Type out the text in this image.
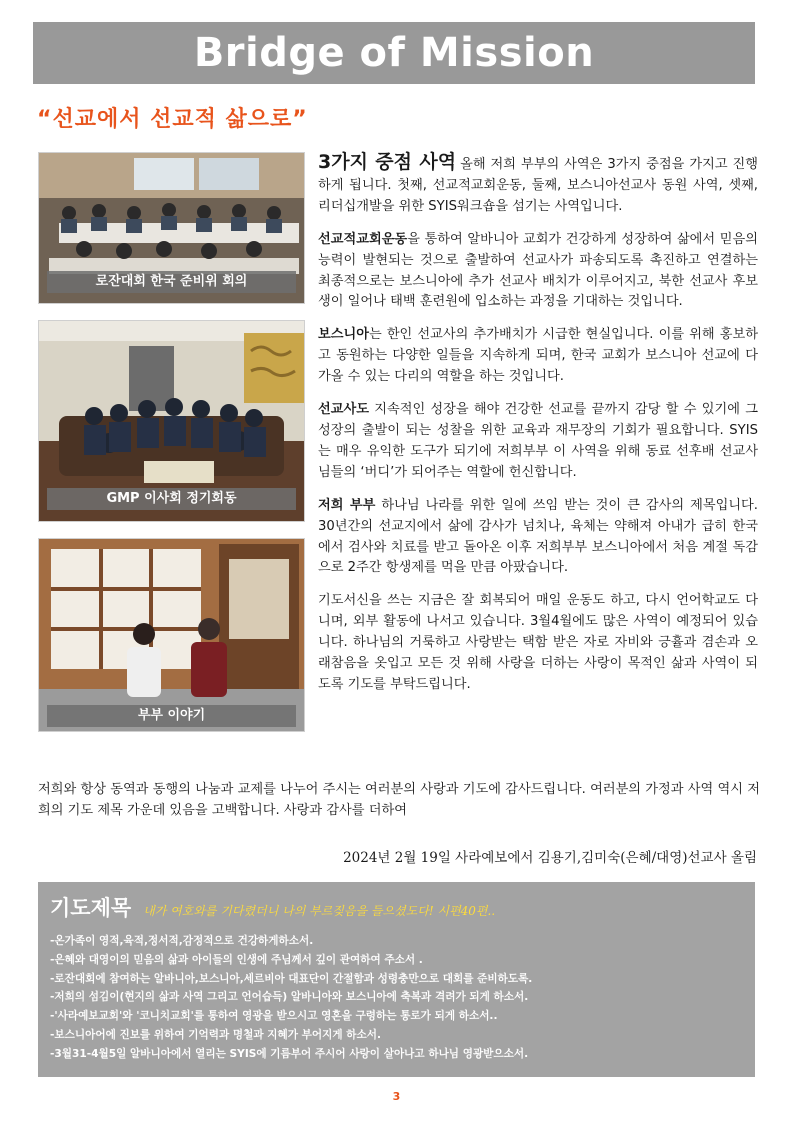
Bridge of Mission
“선교에서 선교적 삶으로”
로잔대회 한국 준비위 회의
GMP 이사회 정기회동
부부 이야기

3가지 중점 사역 올해 저희 부부의 사역은 3가지 중점을 가지고 진행하게 됩니다. 첫째, 선교적교회운동, 둘째, 보스니아선교사 동원 사역, 셋째, 리더십개발을 위한 SYIS워크숍을 섬기는 사역입니다.

선교적교회운동을 통하여 알바니아 교회가 건강하게 성장하여 삶에서 믿음의 능력이 발현되는 것으로 출발하여 선교사가 파송되도록 촉진하고 연결하는 최종적으로는 보스니아에 추가 선교사 배치가 이루어지고, 북한 선교사 후보생이 일어나 태백 훈련원에 입소하는 과정을 기대하는 것입니다.

보스니아는 한인 선교사의 추가배치가 시급한 현실입니다. 이를 위해 홍보하고 동원하는 다양한 일들을 지속하게 되며, 한국 교회가 보스니아 선교에 다가올 수 있는 다리의 역할을 하는 것입니다.

선교사도 지속적인 성장을 해야 건강한 선교를 끝까지 감당 할 수 있기에 그 성장의 출발이 되는 성찰을 위한 교육과 재무장의 기회가 필요합니다. SYIS는 매우 유익한 도구가 되기에 저희부부 이 사역을 위해 동료 선후배 선교사님들의 ‘버디’가 되어주는 역할에 헌신합니다.

저희 부부 하나님 나라를 위한 일에 쓰임 받는 것이 큰 감사의 제목입니다. 30년간의 선교지에서 삶에 감사가 넘치나, 육체는 약해져 아내가 급히 한국에서 검사와 치료를 받고 돌아온 이후 저희부부 보스니아에서 처음 계절 독감으로 2주간 항생제를 먹을 만큼 아팠습니다.

기도서신을 쓰는 지금은 잘 회복되어 매일 운동도 하고, 다시 언어학교도 다니며, 외부 활동에 나서고 있습니다. 3월4월에도 많은 사역이 예정되어 있습니다. 하나님의 거룩하고 사랑받는 택함 받은 자로 자비와 긍휼과 겸손과 오래참음을 옷입고 모든 것 위해 사랑을 더하는 사랑이 목적인 삶과 사역이 되도록 기도를 부탁드립니다.

저희와 항상 동역과 동행의 나눔과 교제를 나누어 주시는 여러분의 사랑과 기도에 감사드립니다. 여러분의 가정과 사역 역시 저희의 기도 제목 가운데 있음을 고백합니다. 사랑과 감사를 더하여
2024년 2월 19일 사라예보에서 김용기,김미숙(은혜/대영)선교사 올림
기도제목 내가 여호와를 기다렸더니 나의 부르짖음을 들으셨도다! 시편40편..
-온가족이 영적,육적,정서적,감정적으로 건강하게하소서.
-은혜와 대영이의 믿음의 삶과 아이들의 인생에 주님께서 깊이 관여하여 주소서 .
-로잔대회에 참여하는 알바니아,보스니아,세르비아 대표단이 간절함과 성령충만으로 대회를 준비하도록.
-저희의 섬김이(현지의 삶과 사역 그리고 언어습득) 알바니아와 보스니아에 축복과 격려가 되게 하소서.
-'사라예보교회'와 '코니치교회'를 통하여 영광을 받으시고 영혼을 구령하는 통로가 되게 하소서..
-보스니아어에 진보를 위하여 기억력과 명철과 지혜가 부어지게 하소서.
-3월31-4월5일 알바니아에서 열리는 SYIS에 기름부어 주시어 사랑이 살아나고 하나님 영광받으소서.
3
